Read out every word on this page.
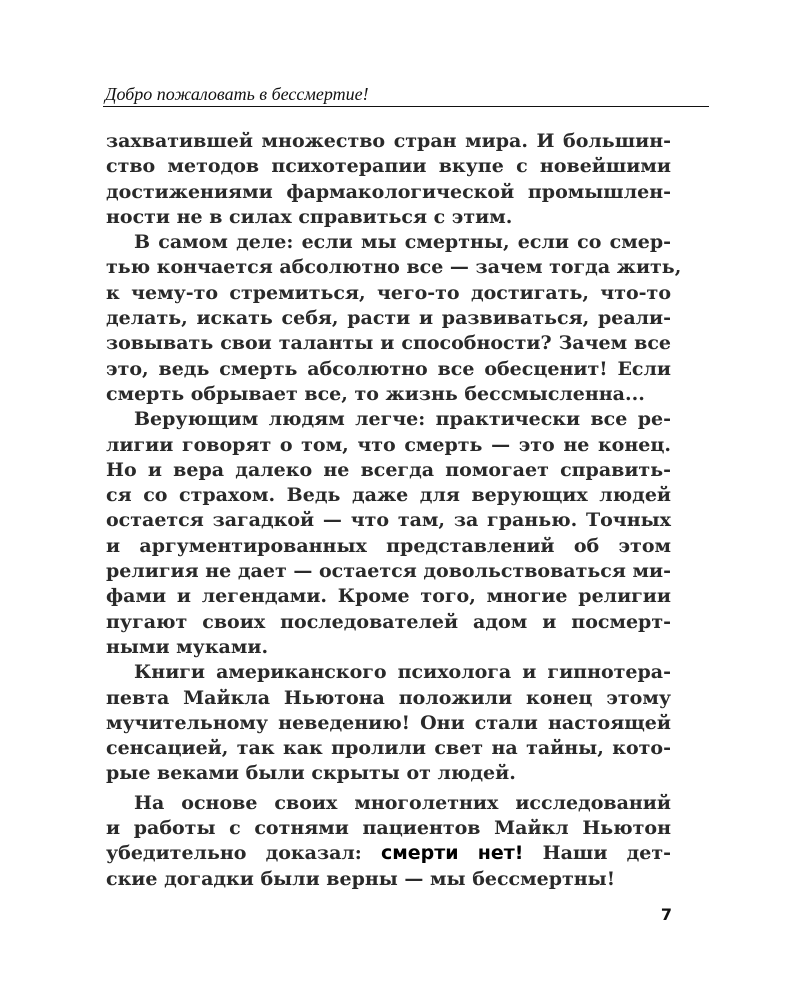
Добро пожаловать в бессмертие!
захватившей множество стран мира. И большин-
ство методов психотерапии вкупе с новейшими
достижениями фармакологической промышлен-
ности не в силах справиться с этим.
В самом деле: если мы смертны, если со смер-
тью кончается абсолютно все — зачем тогда жить,
к чему-то стремиться, чего-то достигать, что-то
делать, искать себя, расти и развиваться, реали-
зовывать свои таланты и способности? Зачем все
это, ведь смерть абсолютно все обесценит! Если
смерть обрывает все, то жизнь бессмысленна...
Верующим людям легче: практически все ре-
лигии говорят о том, что смерть — это не конец.
Но и вера далеко не всегда помогает справить-
ся со страхом. Ведь даже для верующих людей
остается загадкой — что там, за гранью. Точных
и аргументированных представлений об этом
религия не дает — остается довольствоваться ми-
фами и легендами. Кроме того, многие религии
пугают своих последователей адом и посмерт-
ными муками.
Книги американского психолога и гипнотера-
певта Майкла Ньютона положили конец этому
мучительному неведению! Они стали настоящей
сенсацией, так как пролили свет на тайны, кото-
рые веками были скрыты от людей.
На основе своих многолетних исследований
и работы с сотнями пациентов Майкл Ньютон
убедительно доказал: смерти нет! Наши дет-
ские догадки были верны — мы бессмертны!
7
